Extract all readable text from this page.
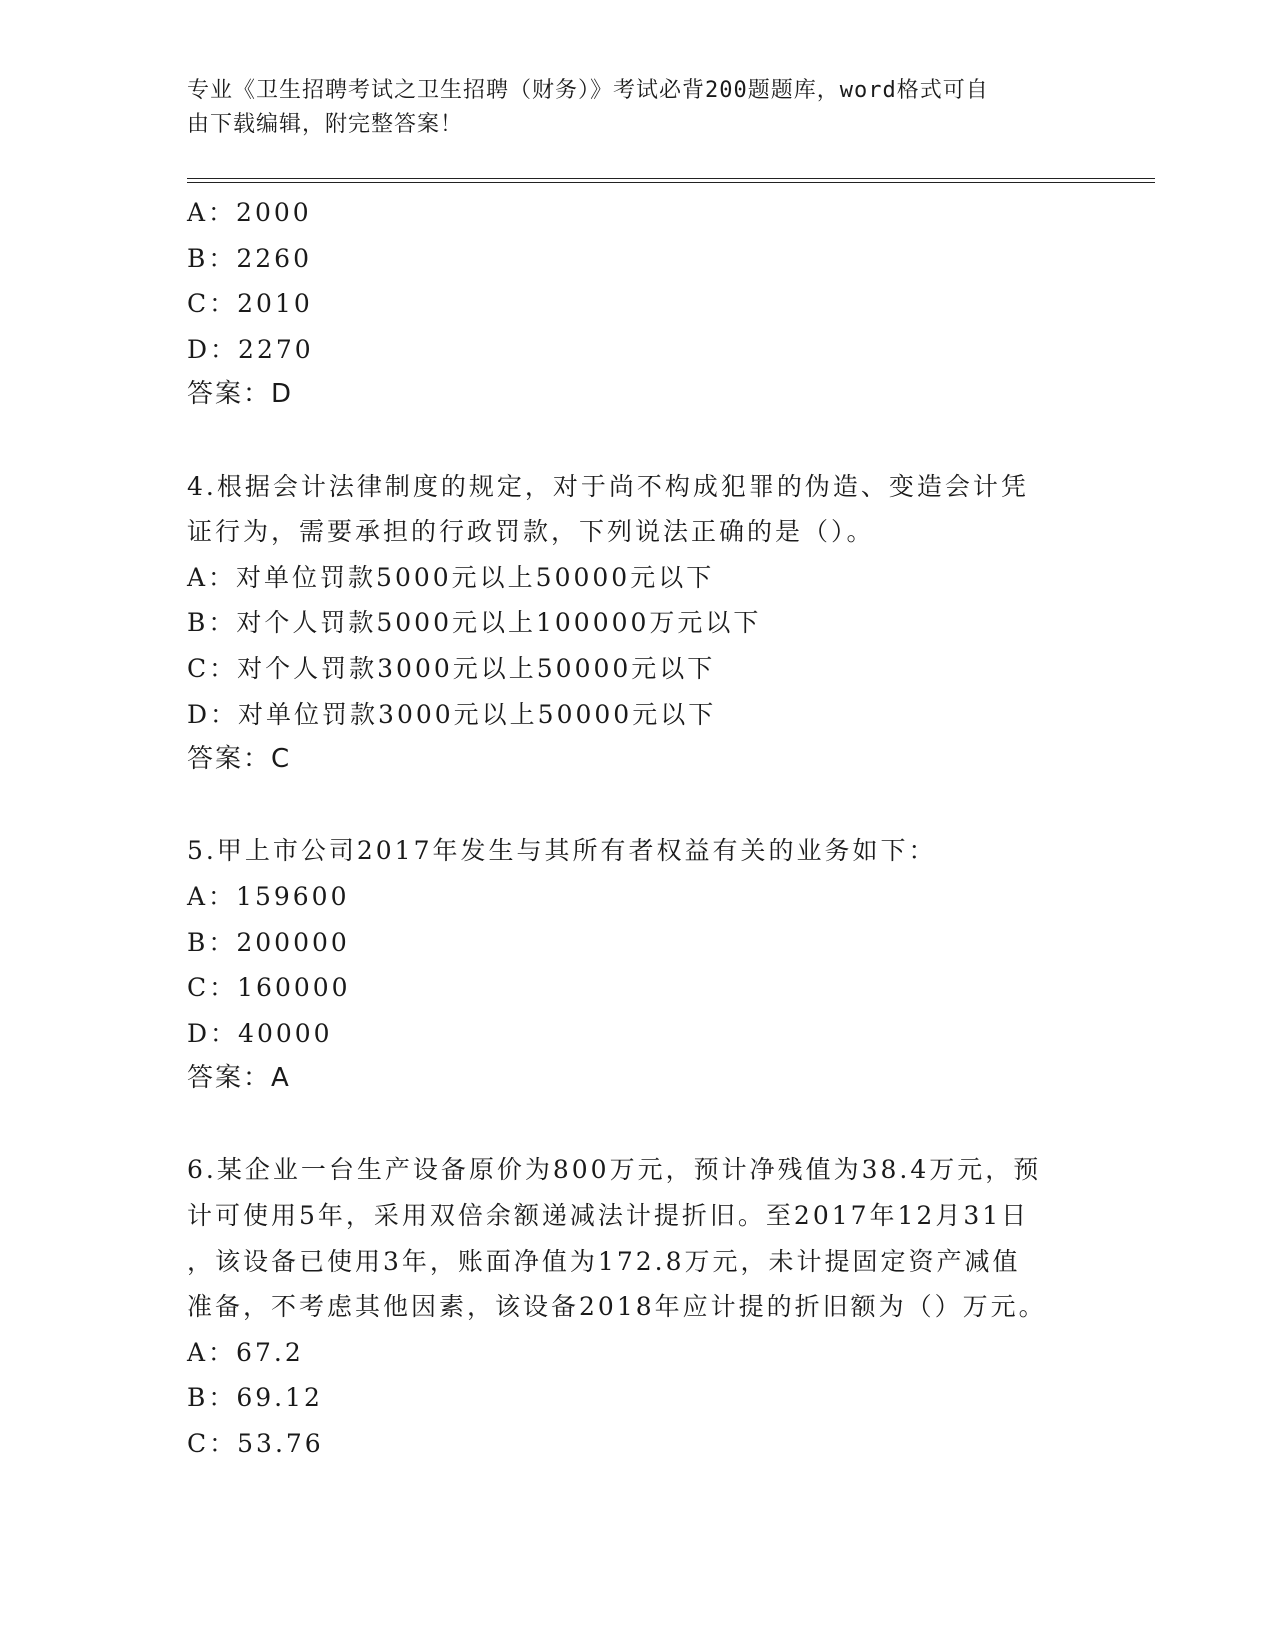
专业《卫生招聘考试之卫生招聘（财务）》考试必背200题题库，word格式可自
由下载编辑，附完整答案！
A：2000
B：2260
C：2010
D：2270
答案：D
4.根据会计法律制度的规定，对于尚不构成犯罪的伪造、变造会计凭
证行为，需要承担的行政罚款，下列说法正确的是（）。
A：对单位罚款5000元以上50000元以下
B：对个人罚款5000元以上100000万元以下
C：对个人罚款3000元以上50000元以下
D：对单位罚款3000元以上50000元以下
答案：C
5.甲上市公司2017年发生与其所有者权益有关的业务如下：
A：159600
B：200000
C：160000
D：40000
答案：A
6.某企业一台生产设备原价为800万元，预计净残值为38.4万元，预
计可使用5年，采用双倍余额递减法计提折旧。至2017年12月31日
，该设备已使用3年，账面净值为172.8万元，未计提固定资产减值
准备，不考虑其他因素，该设备2018年应计提的折旧额为（）万元。
A：67.2
B：69.12
C：53.76
